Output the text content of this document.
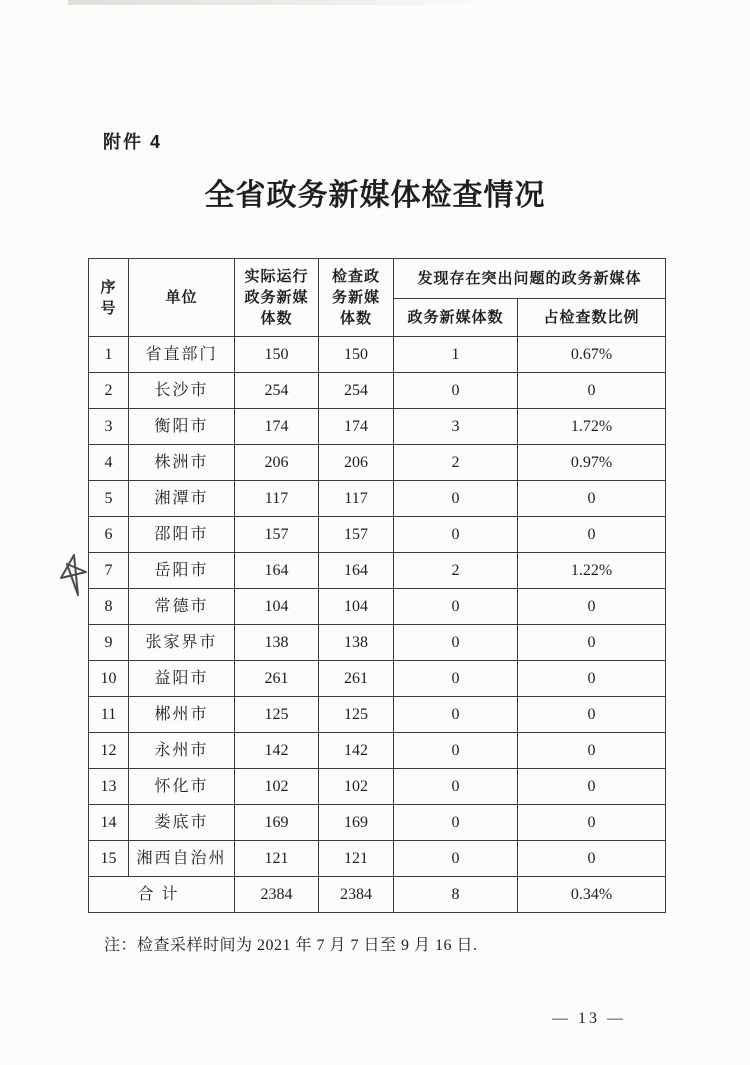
附件 4
全省政务新媒体检查情况
序号	单位	实际运行政务新媒体数	检查政务新媒体数	发现存在突出问题的政务新媒体	
				政务新媒体数	占检查数比例
1	省直部门	150	150	1	0.67%
2	长沙市	254	254	0	0
3	衡阳市	174	174	3	1.72%
4	株洲市	206	206	2	0.97%
5	湘潭市	117	117	0	0
6	邵阳市	157	157	0	0
7	岳阳市	164	164	2	1.22%
8	常德市	104	104	0	0
9	张家界市	138	138	0	0
10	益阳市	261	261	0	0
11	郴州市	125	125	0	0
12	永州市	142	142	0	0
13	怀化市	102	102	0	0
14	娄底市	169	169	0	0
15	湘西自治州	121	121	0	0
合计		2384	2384	8	0.34%
注：检查采样时间为 2021 年 7 月 7 日至 9 月 16 日.
— 13 —
